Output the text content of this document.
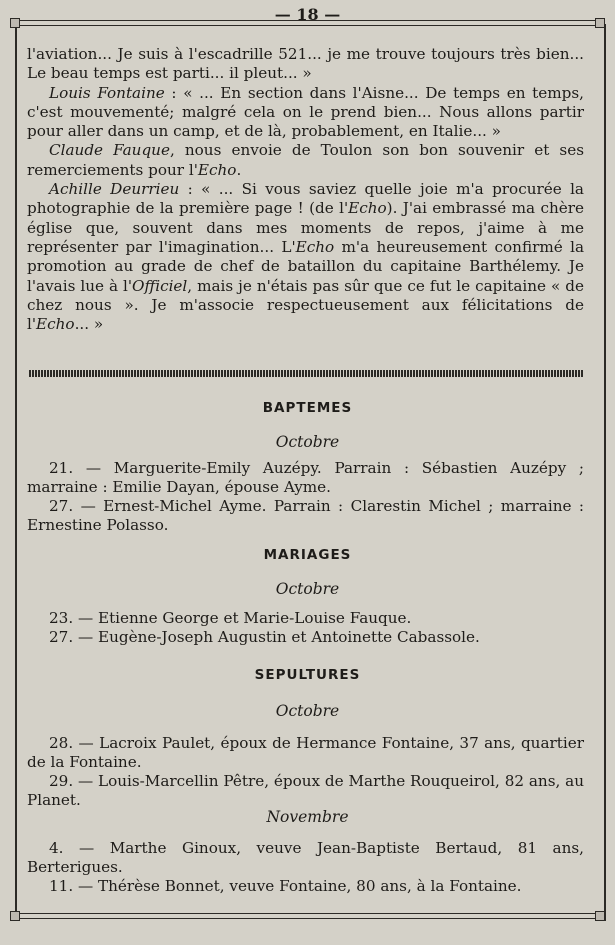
— 18 —

l'aviation... Je suis à l'escadrille 521... je me trouve toujours très bien... Le beau temps est parti... il pleut... »

Louis Fontaine : « ... En section dans l'Aisne... De temps en temps, c'est mouvementé; malgré cela on le prend bien... Nous allons partir pour aller dans un camp, et de là, probablement, en Italie... »

Claude Fauque, nous envoie de Toulon son bon souvenir et ses remerciements pour l'Echo.

Achille Deurrieu : « ... Si vous saviez quelle joie m'a procurée la photographie de la première page ! (de l'Echo). J'ai embrassé ma chère église que, souvent dans mes moments de repos, j'aime à me représenter par l'imagination... L'Echo m'a heureusement confirmé la promotion au grade de chef de bataillon du capitaine Barthélemy. Je l'avais lue à l'Officiel, mais je n'étais pas sûr que ce fut le capitaine « de chez nous ». Je m'associe respectueusement aux félicitations de l'Echo... »

BAPTEMES
Octobre

21. — Marguerite-Emily Auzépy. Parrain : Sébastien Auzépy ; marraine : Emilie Dayan, épouse Ayme.

27. — Ernest-Michel Ayme. Parrain : Clarestin Michel ; marraine : Ernestine Polasso.

MARIAGES
Octobre

23. — Etienne George et Marie-Louise Fauque.

27. — Eugène-Joseph Augustin et Antoinette Cabassole.

SEPULTURES
Octobre

28. — Lacroix Paulet, époux de Hermance Fontaine, 37 ans, quartier de la Fontaine.

29. — Louis-Marcellin Pêtre, époux de Marthe Rouqueirol, 82 ans, au Planet.

Novembre

4. — Marthe Ginoux, veuve Jean-Baptiste Bertaud, 81 ans, Berterigues.

11. — Thérèse Bonnet, veuve Fontaine, 80 ans, à la Fontaine.
